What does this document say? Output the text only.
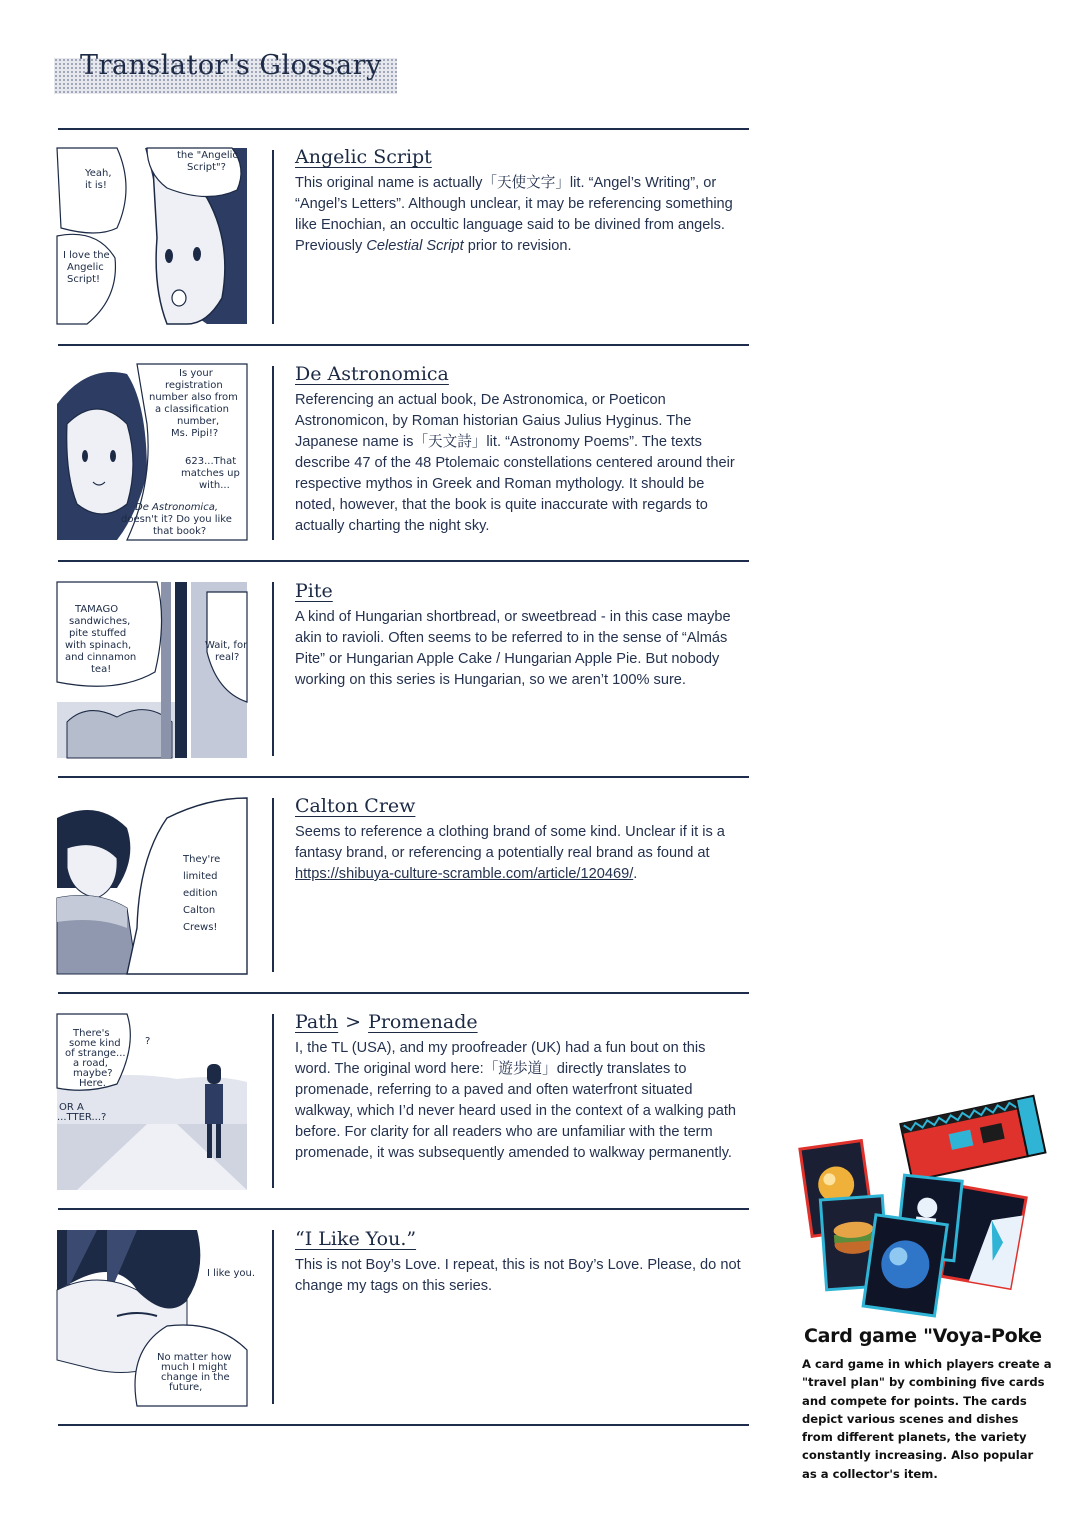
Translator's Glossary
Yeah,
it is!
the "Angelic
Script"?
I love the
Angelic
Script!
Angelic Script

This original name is actually「天使文字」lit. “Angel’s Writing”, or “Angel’s Letters”. Although unclear, it may be referencing something like Enochian, an occultic language said to be divined from angels. Previously Celestial Script prior to revision.

Is your
registration
number also from
a classification
number,
Ms. Pipi!?
623...That
matches up
with...
De Astronomica,
doesn't it? Do you like
that book?
De Astronomica

Referencing an actual book, De Astronomica, or Poeticon Astronomicon, by Roman historian Gaius Julius Hyginus. The Japanese name is「天文詩」lit. “Astronomy Poems”. The texts describe 47 of the 48 Ptolemaic constellations centered around their respective mythos in Greek and Roman mythology. It should be noted, however, that the book is quite inaccurate with regards to actually charting the night sky.

TAMAGO
sandwiches,
pite stuffed
with spinach,
and cinnamon
tea!
Wait, for
real?
Pite

A kind of Hungarian shortbread, or sweetbread - in this case maybe akin to ravioli. Often seems to be referred to in the sense of “Almás Pite” or Hungarian Apple Cake / Hungarian Apple Pie. But nobody working on this series is Hungarian, so we aren’t 100% sure.

They're
limited
edition
Calton
Crews!
Calton Crew

Seems to reference a clothing brand of some kind. Unclear if it is a fantasy brand, or referencing a potentially real brand as found at https://shibuya-culture-scramble.com/article/120469/.

There's
some kind
of strange...
a road,
maybe?
Here.
?
OR A
...TTER...?
Path > Promenade

I, the TL (USA), and my proofreader (UK) had a fun bout on this word. The original word here:「遊歩道」directly translates to promenade, referring to a paved and often waterfront situated walkway, which I’d never heard used in the context of a walking path before. For clarity for all readers who are unfamiliar with the term promenade, it was subsequently amended to walkway permanently.

I like you.
No matter how
much I might
change in the
future,
“I Like You.”

This is not Boy’s Love. I repeat, this is not Boy’s Love. Please, do not change my tags on this series.

Card game "Voya-Poke
A card game in which players create a "travel plan" by combining five cards and compete for points. The cards depict various scenes and dishes from different planets, the variety constantly increasing. Also popular as a collector's item.
